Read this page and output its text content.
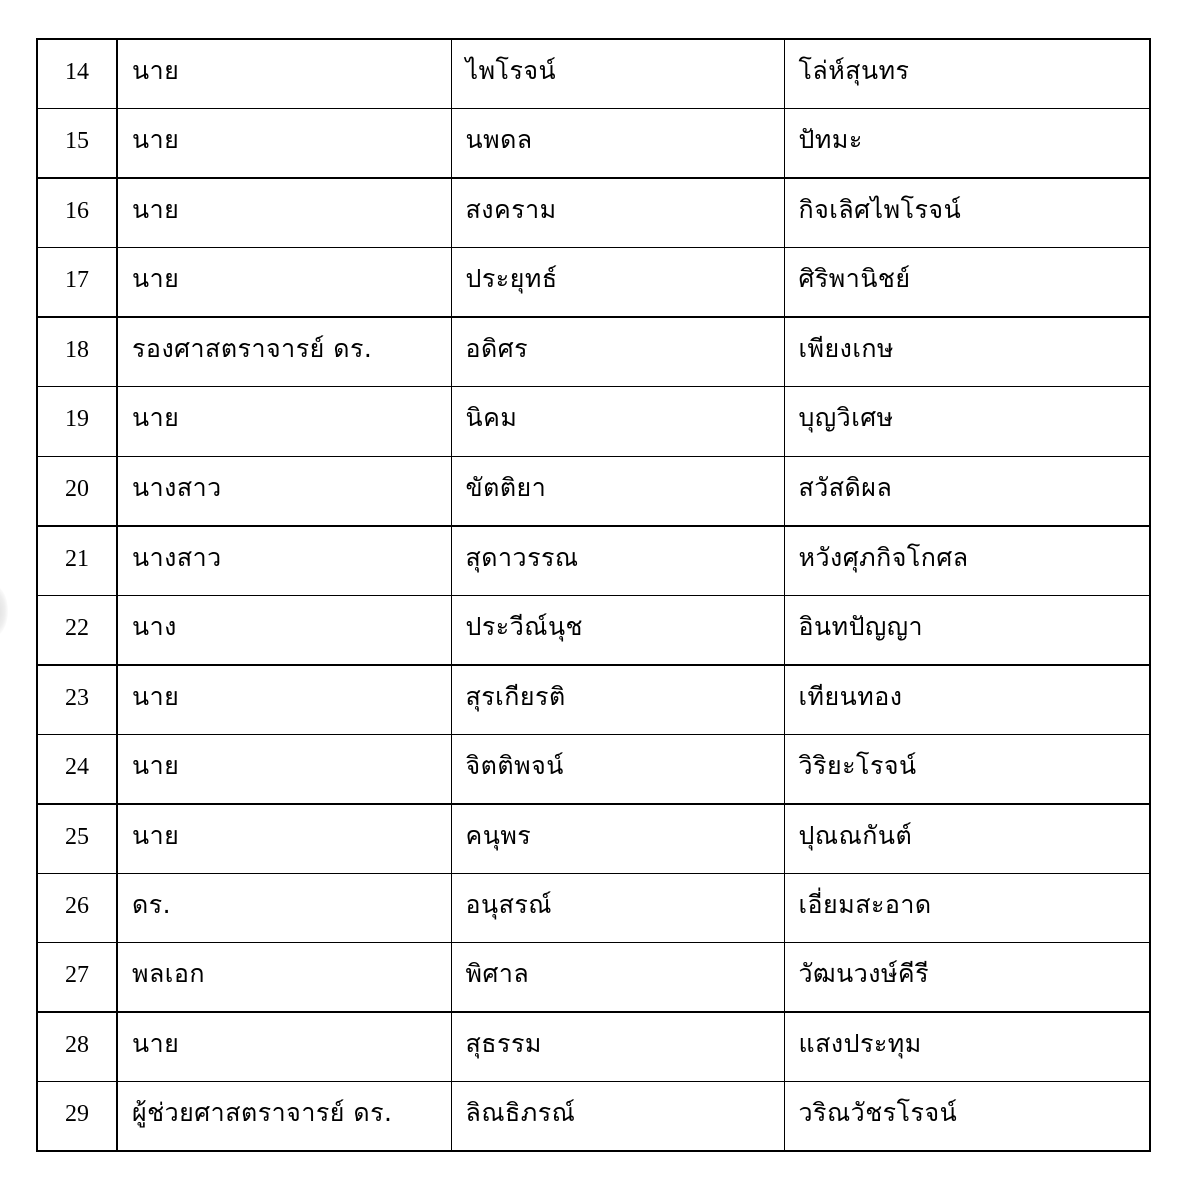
14	นาย	ไพโรจน์	โล่ห์สุนทร
15	นาย	นพดล	ปัทมะ
16	นาย	สงคราม	กิจเลิศไพโรจน์
17	นาย	ประยุทธ์	ศิริพานิชย์
18	รองศาสตราจารย์ ดร.	อดิศร	เพียงเกษ
19	นาย	นิคม	บุญวิเศษ
20	นางสาว	ขัตติยา	สวัสดิผล
21	นางสาว	สุดาวรรณ	หวังศุภกิจโกศล
22	นาง	ประวีณ์นุช	อินทปัญญา
23	นาย	สุรเกียรติ	เทียนทอง
24	นาย	จิตติพจน์	วิริยะโรจน์
25	นาย	คนุพร	ปุณณกันต์
26	ดร.	อนุสรณ์	เอี่ยมสะอาด
27	พลเอก	พิศาล	วัฒนวงษ์คีรี
28	นาย	สุธรรม	แสงประทุม
29	ผู้ช่วยศาสตราจารย์ ดร.	ลิณธิภรณ์	วริณวัชรโรจน์
